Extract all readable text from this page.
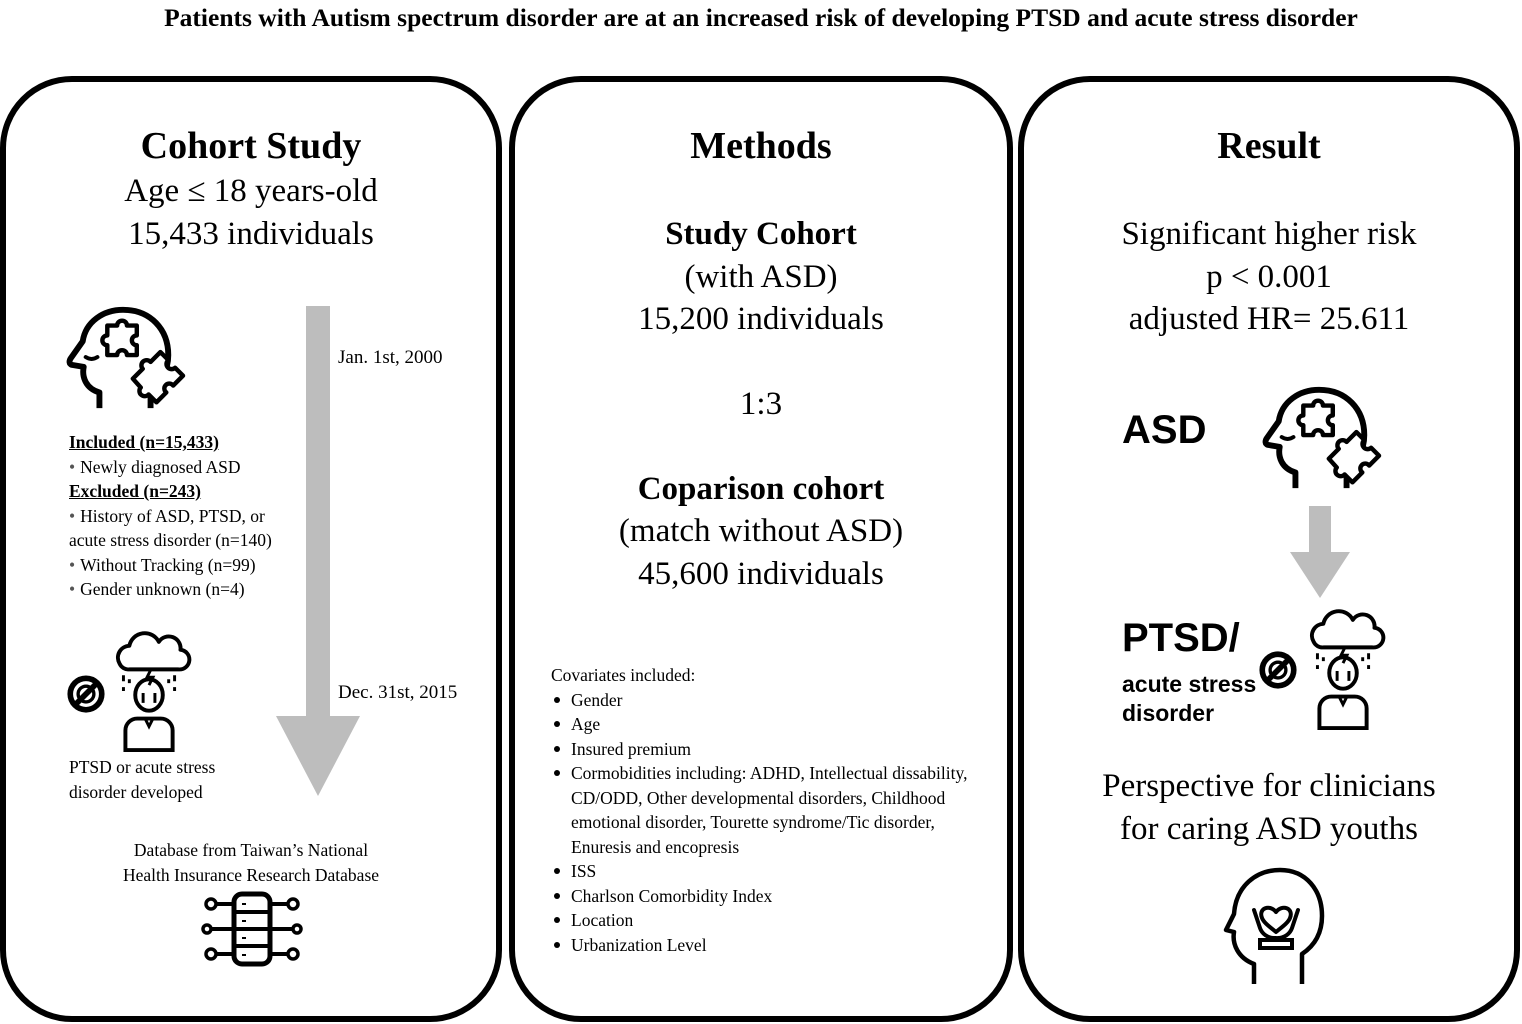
Patients with Autism spectrum disorder are at an increased risk of developing PTSD and acute stress disorder
Cohort Study
Age ≤ 18 years-old
15,433 individuals
Jan. 1st, 2000
Dec. 31st, 2015
Included (n=15,433)
• Newly diagnosed ASD
Excluded (n=243)
• History of ASD, PTSD, or
acute stress disorder (n=140)
• Without Tracking (n=99)
• Gender unknown (n=4)
PTSD or acute stress
disorder developed
Database from Taiwan’s National
Health Insurance Research Database
Methods
Study Cohort
(with ASD)
15,200 individuals
1:3
Coparison cohort
(match without ASD)
45,600 individuals
Covariates included:
Gender
Age
Insured premium
Cormobidities including: ADHD, Intellectual dissability, CD/ODD, Other developmental disorders, Childhood emotional disorder, Tourette syndrome/Tic disorder, Enuresis and encopresis
ISS
Charlson Comorbidity Index
Location
Urbanization Level
Result
Significant higher risk
p < 0.001
adjusted HR= 25.611
ASD
PTSD/
acute stress
disorder
Perspective for clinicians
for caring ASD youths
